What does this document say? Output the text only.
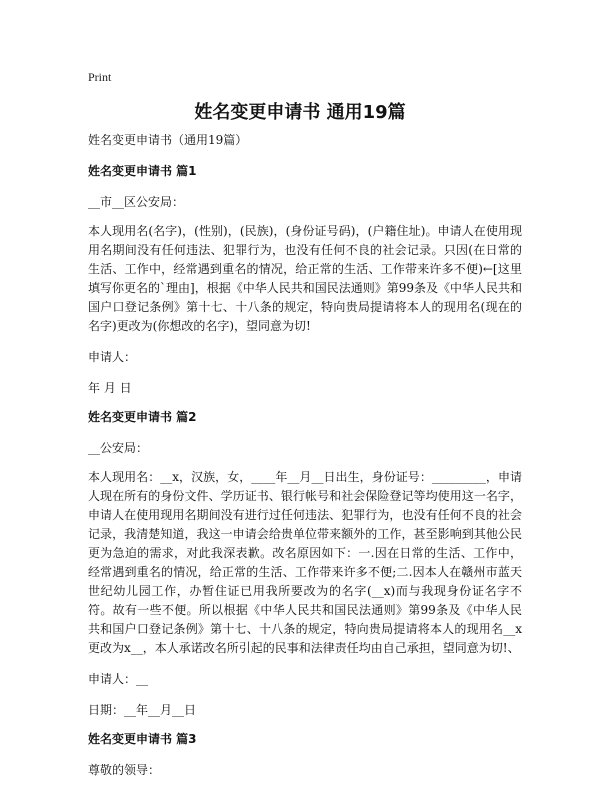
Print
姓名变更申请书 通用19篇

姓名变更申请书（通用19篇）

姓名变更申请书 篇1

__市__区公安局：

本人现用名(名字)，(性别)，(民族)，(身份证号码)，(户籍住址)。申请人在使用现用名期间没有任何违法、犯罪行为，也没有任何不良的社会记录。只因(在日常的生活、工作中，经常遇到重名的情况，给正常的生活、工作带来许多不便)←[这里填写你更名的`理由]，根据《中华人民共和国民法通则》第99条及《中华人民共和国户口登记条例》第十七、十八条的规定，特向贵局提请将本人的现用名(现在的名字)更改为(你想改的名字)，望同意为切!

申请人：

年 月 日

姓名变更申请书 篇2

__公安局：

本人现用名：__x，汉族，女，____年__月__日出生，身份证号：_________，申请人现在所有的身份文件、学历证书、银行帐号和社会保险登记等均使用这一名字，申请人在使用现用名期间没有进行过任何违法、犯罪行为，也没有任何不良的社会记录，我清楚知道，我这一申请会给贵单位带来额外的工作，甚至影响到其他公民更为急迫的需求，对此我深表歉。改名原因如下：一.因在日常的生活、工作中，经常遇到重名的情况，给正常的生活、工作带来许多不便;二.因本人在赣州市蓝天世纪幼儿园工作，办暂住证已用我所要改为的名字(__x)而与我现身份证名字不符。故有一些不便。所以根据《中华人民共和国民法通则》第99条及《中华人民共和国户口登记条例》第十七、十八条的规定，特向贵局提请将本人的现用名__x更改为x__，本人承诺改名所引起的民事和法律责任均由自己承担，望同意为切!、

申请人：__

日期：__年__月__日

姓名变更申请书 篇3

尊敬的领导：
